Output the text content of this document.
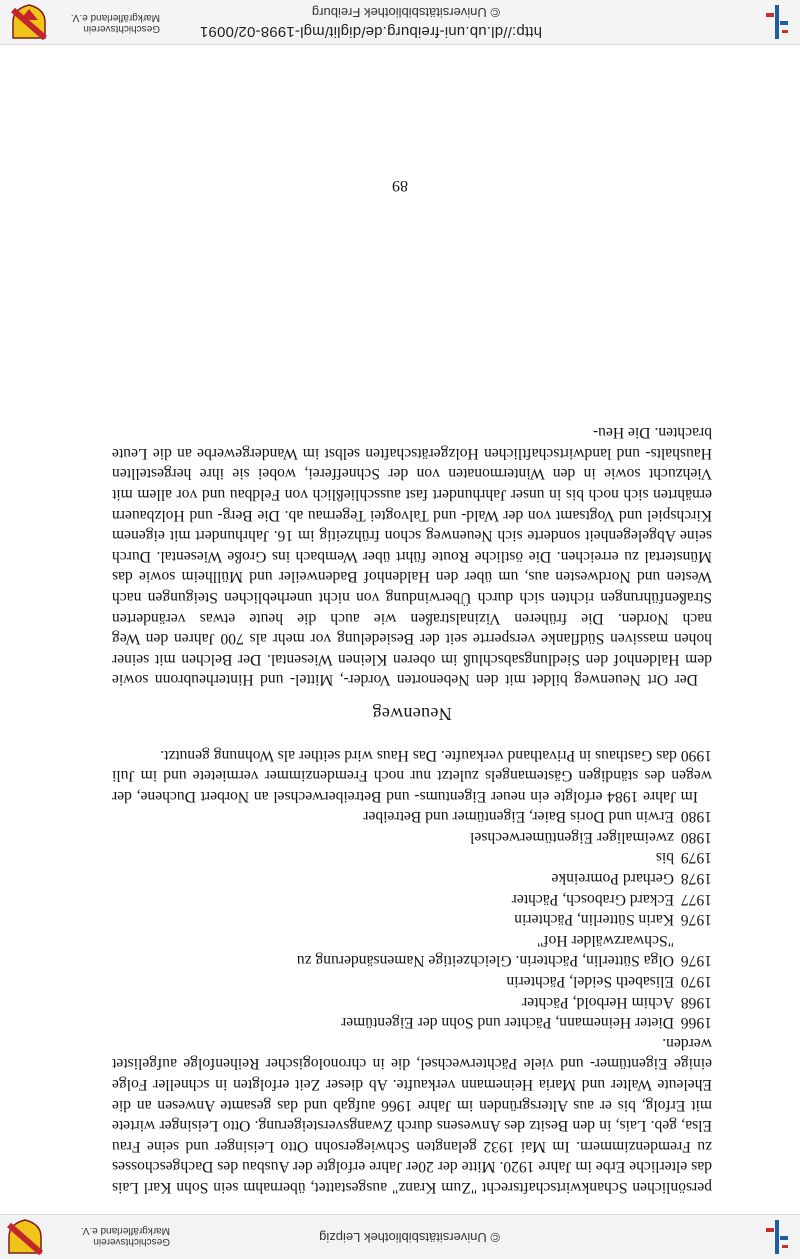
© Universitätsbibliothek Leipzig
Geschichtsverein
Markgräflerland e.V.

persönlichen Schankwirtschaftsrecht "Zum Kranz" ausgestattet, übernahm sein Sohn Karl Lais das elterliche Erbe im Jahre 1920. Mitte der 20er Jahre erfolgte der Ausbau des Dachgeschosses zu Fremdenzimmern. Im Mai 1932 gelangten Schwiegersohn Otto Leisinger und seine Frau Elsa, geb. Lais, in den Besitz des Anwesens durch Zwangsversteigerung. Otto Leisinger wirtete mit Erfolg, bis er aus Altersgründen im Jahre 1966 aufgab und das gesamte Anwesen an die Eheleute Walter und Maria Heinemann verkaufte. Ab dieser Zeit erfolgten in schneller Folge einige Eigentümer- und viele Pächterwechsel, die in chronologischer Reihenfolge aufgelistet werden.

1966
Dieter Heinemann, Pächter und Sohn der Eigentümer
1968
Achim Herbold, Pächter
1970
Elisabeth Seidel, Pächterin
1976
Olga Sütterlin, Pächterin. Gleichzeitige Namensänderung zu
"Schwarzwälder Hof"
1976
Karin Sütterlin, Pächterin
1977
Eckard Grabosch, Pächter
1978
Gerhard Pomreinke
1979
bis
1980
zweimaliger Eigentümerwechsel
1980
Erwin und Doris Baier, Eigentümer und Betreiber

Im Jahre 1984 erfolgte ein neuer Eigentums- und Betreiberwechsel an Norbert Duchene, der wegen des ständigen Gästemangels zuletzt nur noch Fremdenzimmer vermietete und im Juli 1990 das Gasthaus in Privathand verkaufte. Das Haus wird seither als Wohnung genutzt.

Neuenweg

Der Ort Neuenweg bildet mit den Nebenorten Vorder-, Mittel- und Hinterheubronn sowie dem Haldenhof den Siedlungsabschluß im oberen Kleinen Wiesental. Der Belchen mit seiner hohen massiven Südflanke versperrte seit der Besiedelung vor mehr als 700 Jahren den Weg nach Norden. Die früheren Vizinalstraßen wie auch die heute etwas veränderten Straßenführungen richten sich durch Überwindung von nicht unerheblichen Steigungen nach Westen und Nordwesten aus, um über den Haldenhof Badenweiler und Müllheim sowie das Münstertal zu erreichen. Die östliche Route führt über Wembach ins Große Wiesental. Durch seine Abgelegenheit sonderte sich Neuenweg schon frühzeitig im 16. Jahrhundert mit eigenem Kirchspiel und Vogtsamt von der Wald- und Talvogtei Tegernau ab. Die Berg- und Holzbauern ernährten sich noch bis in unser Jahrhundert fast ausschließlich von Feldbau und vor allem mit Viehzucht sowie in den Wintermonaten von der Schnefferei, wobei sie ihre hergestellten Haushalts- und landwirtschaftlichen Holzgerätschaften selbst im Wandergewerbe an die Leute brachten. Die Heu-

89
http://dl.ub.uni-freiburg.de/diglit/mgl-1998-02/0091
© Universitätsbibliothek Freiburg
Geschichtsverein
Markgräflerland e.V.
